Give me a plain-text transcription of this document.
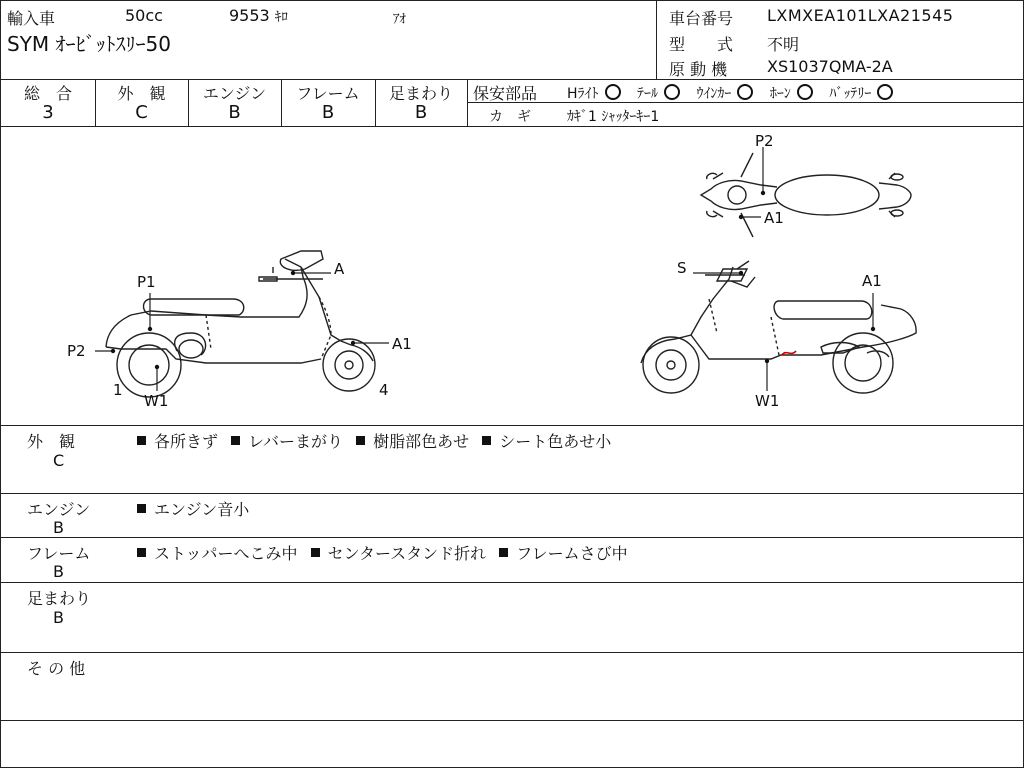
輸入車	50cc	9553 ｷﾛ	ｱｵ
SYM ｵｰﾋﾞｯﾄｽﾘｰ50
車台番号 LXMXEA101LXA21545
型　　式 不明
原 動 機 XS1037QMA-2A
総　合
3
外　観
C
エンジン
B
フレーム
B
足まわり
B
保安部品 Hﾗｲﾄ	ﾃｰﾙ	ｳｲﾝｶｰ	ﾎｰﾝ	ﾊﾞｯﾃﾘｰ
カ　ギ	ｶｷﾞ1 ｼｬｯﾀｰｷｰ1
P1
P2
A
A1
1
W1
4
S
A1
W1
P2
A1
外　観
C
各所きず レバーまがり 樹脂部色あせ シート色あせ小
エンジン
B
エンジン音小
フレーム
B
ストッパーへこみ中 センタースタンド折れ フレームさび中
足まわり
B
そ の 他
